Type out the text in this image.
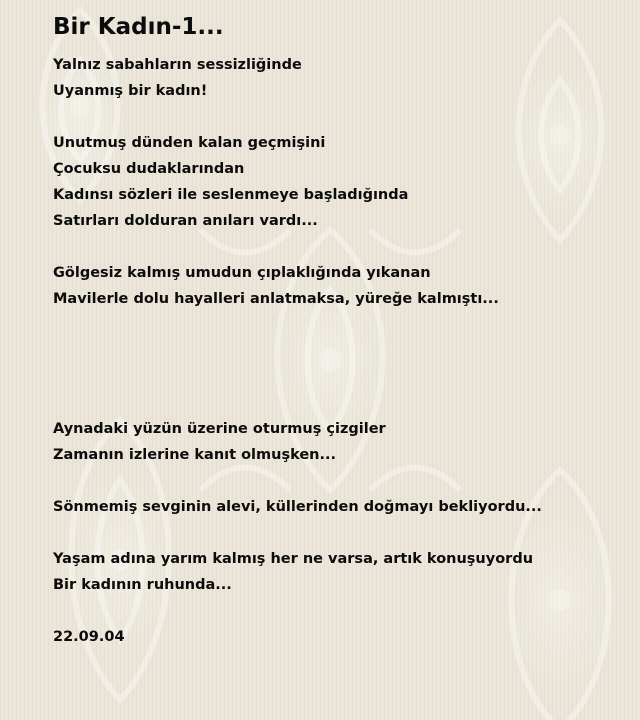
Bir Kadın-1...
Yalnız sabahların sessizliğinde
Uyanmış bir kadın!
Unutmuş dünden kalan geçmişini
Çocuksu dudaklarından
Kadınsı sözleri ile seslenmeye başladığında
Satırları dolduran anıları vardı...
Gölgesiz kalmış umudun çıplaklığında yıkanan
Mavilerle dolu hayalleri anlatmaksa, yüreğe kalmıştı...
Aynadaki yüzün üzerine oturmuş çizgiler
Zamanın izlerine kanıt olmuşken...
Sönmemiş sevginin alevi, küllerinden doğmayı bekliyordu...
Yaşam adına yarım kalmış her ne varsa, artık konuşuyordu
Bir kadının ruhunda...
22.09.04
